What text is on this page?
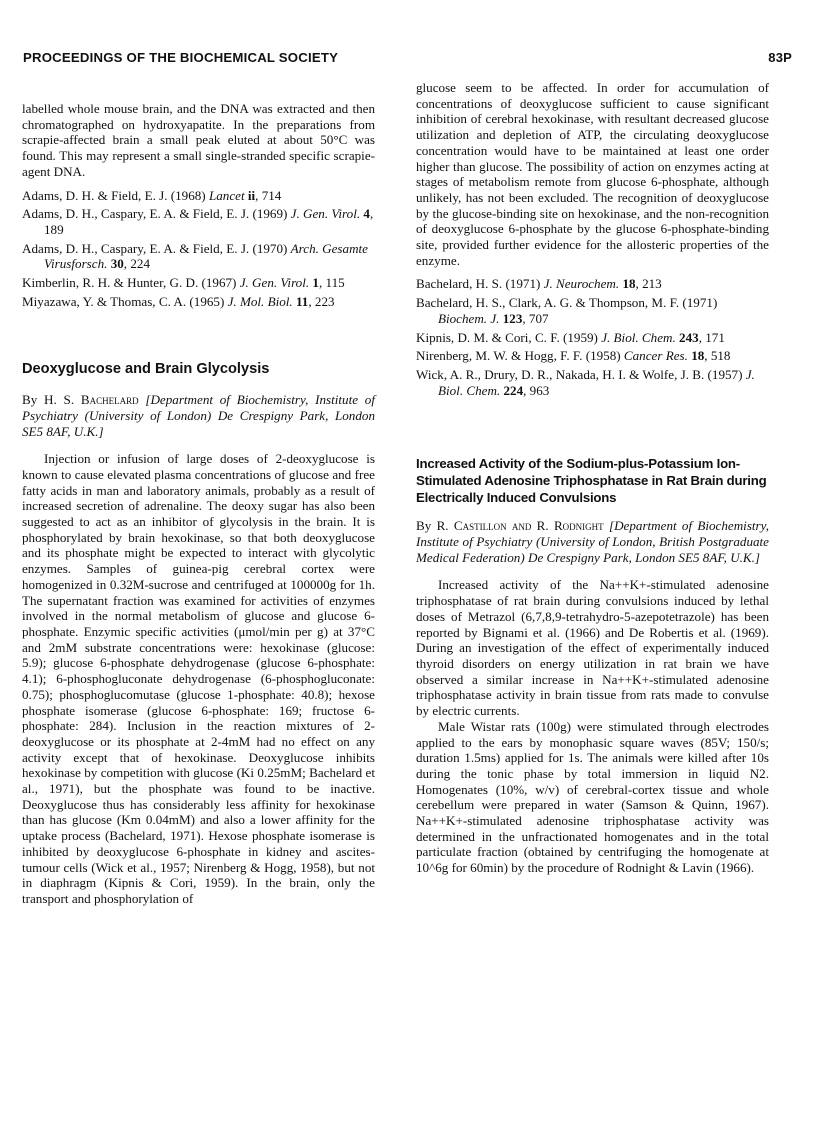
PROCEEDINGS OF THE BIOCHEMICAL SOCIETY	83P

labelled whole mouse brain, and the DNA was extracted and then chromatographed on hydroxyapatite. In the preparations from scrapie-affected brain a small peak eluted at about 50°C was found. This may represent a small single-stranded specific scrapie-agent DNA.

Adams, D. H. & Field, E. J. (1968) Lancet ii, 714
Adams, D. H., Caspary, E. A. & Field, E. J. (1969) J. Gen. Virol. 4, 189
Adams, D. H., Caspary, E. A. & Field, E. J. (1970) Arch. Gesamte Virusforsch. 30, 224
Kimberlin, R. H. & Hunter, G. D. (1967) J. Gen. Virol. 1, 115
Miyazawa, Y. & Thomas, C. A. (1965) J. Mol. Biol. 11, 223
Deoxyglucose and Brain Glycolysis

By H. S. Bachelard [Department of Biochemistry, Institute of Psychiatry (University of London) De Crespigny Park, London SE5 8AF, U.K.]

Injection or infusion of large doses of 2-deoxyglucose is known to cause elevated plasma concentrations of glucose and free fatty acids in man and laboratory animals, probably as a result of increased secretion of adrenaline. The deoxy sugar has also been suggested to act as an inhibitor of glycolysis in the brain. It is phosphorylated by brain hexokinase, so that both deoxyglucose and its phosphate might be expected to interact with glycolytic enzymes. Samples of guinea-pig cerebral cortex were homogenized in 0.32M-sucrose and centrifuged at 100000g for 1h. The supernatant fraction was examined for activities of enzymes involved in the normal metabolism of glucose and glucose 6-phosphate. Enzymic specific activities (μmol/min per g) at 37°C and 2mM substrate concentrations were: hexokinase (glucose: 5.9); glucose 6-phosphate dehydrogenase (glucose 6-phosphate: 4.1); 6-phosphogluconate dehydrogenase (6-phosphogluconate: 0.75); phosphoglucomutase (glucose 1-phosphate: 40.8); hexose phosphate isomerase (glucose 6-phosphate: 169; fructose 6-phosphate: 284). Inclusion in the reaction mixtures of 2-deoxyglucose or its phosphate at 2-4mM had no effect on any activity except that of hexokinase. Deoxyglucose inhibits hexokinase by competition with glucose (Ki 0.25mM; Bachelard et al., 1971), but the phosphate was found to be inactive. Deoxyglucose thus has considerably less affinity for hexokinase than has glucose (Km 0.04mM) and also a lower affinity for the uptake process (Bachelard, 1971). Hexose phosphate isomerase is inhibited by deoxyglucose 6-phosphate in kidney and ascites-tumour cells (Wick et al., 1957; Nirenberg & Hogg, 1958), but not in diaphragm (Kipnis & Cori, 1959). In the brain, only the transport and phosphorylation of

glucose seem to be affected. In order for accumulation of concentrations of deoxyglucose sufficient to cause significant inhibition of cerebral hexokinase, with resultant decreased glucose utilization and depletion of ATP, the circulating deoxyglucose concentration would have to be maintained at least one order higher than glucose. The possibility of action on enzymes acting at stages of metabolism remote from glucose 6-phosphate, although unlikely, has not been excluded. The recognition of deoxyglucose by the glucose-binding site on hexokinase, and the non-recognition of deoxyglucose 6-phosphate by the glucose 6-phosphate-binding site, provided further evidence for the allosteric properties of the enzyme.

Bachelard, H. S. (1971) J. Neurochem. 18, 213
Bachelard, H. S., Clark, A. G. & Thompson, M. F. (1971) Biochem. J. 123, 707
Kipnis, D. M. & Cori, C. F. (1959) J. Biol. Chem. 243, 171
Nirenberg, M. W. & Hogg, F. F. (1958) Cancer Res. 18, 518
Wick, A. R., Drury, D. R., Nakada, H. I. & Wolfe, J. B. (1957) J. Biol. Chem. 224, 963
Increased Activity of the Sodium-plus-Potassium Ion-Stimulated Adenosine Triphosphatase in Rat Brain during Electrically Induced Convulsions

By R. Castillon and R. Rodnight [Department of Biochemistry, Institute of Psychiatry (University of London, British Postgraduate Medical Federation) De Crespigny Park, London SE5 8AF, U.K.]

Increased activity of the Na++K+-stimulated adenosine triphosphatase of rat brain during convulsions induced by lethal doses of Metrazol (6,7,8,9-tetrahydro-5-azepotetrazole) has been reported by Bignami et al. (1966) and De Robertis et al. (1969). During an investigation of the effect of experimentally induced thyroid disorders on energy utilization in rat brain we have observed a similar increase in Na++K+-stimulated adenosine triphosphatase activity in brain tissue from rats made to convulse by electric currents.

Male Wistar rats (100g) were stimulated through electrodes applied to the ears by monophasic square waves (85V; 150/s; duration 1.5ms) applied for 1s. The animals were killed after 10s during the tonic phase by total immersion in liquid N2. Homogenates (10%, w/v) of cerebral-cortex tissue and whole cerebellum were prepared in water (Samson & Quinn, 1967). Na++K+-stimulated adenosine triphosphatase activity was determined in the unfractionated homogenates and in the total particulate fraction (obtained by centrifuging the homogenate at 10^6g for 60min) by the procedure of Rodnight & Lavin (1966).
